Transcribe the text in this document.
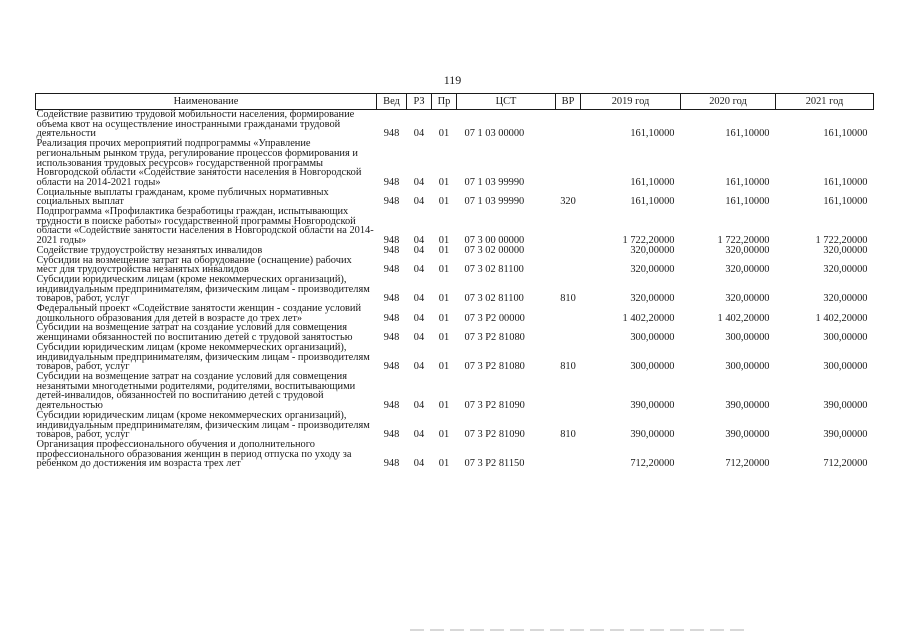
119
Наименование	Вед	РЗ	Пр	ЦСТ	ВР	2019 год	2020 год	2021 год
Содействие развитию трудовой мобильности населения, формирование объема квот на осуществление иностранными гражданами трудовой деятельности	948	04	01	07 1 03 00000		161,10000	161,10000	161,10000
Реализация прочих мероприятий подпрограммы «Управление региональным рынком труда, регулирование процессов формирования и использования трудовых ресурсов» государственной программы Новгородской области «Содействие занятости населения в Новгородской области на 2014-2021 годы»	948	04	01	07 1 03 99990		161,10000	161,10000	161,10000
Социальные выплаты гражданам, кроме публичных нормативных социальных выплат	948	04	01	07 1 03 99990	320	161,10000	161,10000	161,10000
Подпрограмма «Профилактика безработицы граждан, испытывающих трудности в поиске работы» государственной программы Новгородской области «Содействие занятости населения в Новгородской области на 2014-2021 годы»	948	04	01	07 3 00 00000		1 722,20000	1 722,20000	1 722,20000
Содействие трудоустройству незанятых инвалидов	948	04	01	07 3 02 00000		320,00000	320,00000	320,00000
Субсидии на возмещение затрат на оборудование (оснащение) рабочих мест для трудоустройства незанятых инвалидов	948	04	01	07 3 02 81100		320,00000	320,00000	320,00000
Субсидии юридическим лицам (кроме некоммерческих организаций), индивидуальным предпринимателям, физическим лицам - производителям товаров, работ, услуг	948	04	01	07 3 02 81100	810	320,00000	320,00000	320,00000
Федеральный проект «Содействие занятости женщин - создание условий дошкольного образования для детей в возрасте до трех лет»	948	04	01	07 3 P2 00000		1 402,20000	1 402,20000	1 402,20000
Субсидии на возмещение затрат на создание условий для совмещения женщинами обязанностей по воспитанию детей с трудовой занятостью	948	04	01	07 3 P2 81080		300,00000	300,00000	300,00000
Субсидии юридическим лицам (кроме некоммерческих организаций), индивидуальным предпринимателям, физическим лицам - производителям товаров, работ, услуг	948	04	01	07 3 P2 81080	810	300,00000	300,00000	300,00000
Субсидии на возмещение затрат на создание условий для совмещения незанятыми многодетными родителями, родителями, воспитывающими детей-инвалидов, обязанностей по воспитанию детей с трудовой деятельностью	948	04	01	07 3 P2 81090		390,00000	390,00000	390,00000
Субсидии юридическим лицам (кроме некоммерческих организаций), индивидуальным предпринимателям, физическим лицам - производителям товаров, работ, услуг	948	04	01	07 3 P2 81090	810	390,00000	390,00000	390,00000
Организация профессионального обучения и дополнительного профессионального образования женщин в период отпуска по уходу за ребенком до достижения им возраста трех лет	948	04	01	07 3 P2 81150		712,20000	712,20000	712,20000
